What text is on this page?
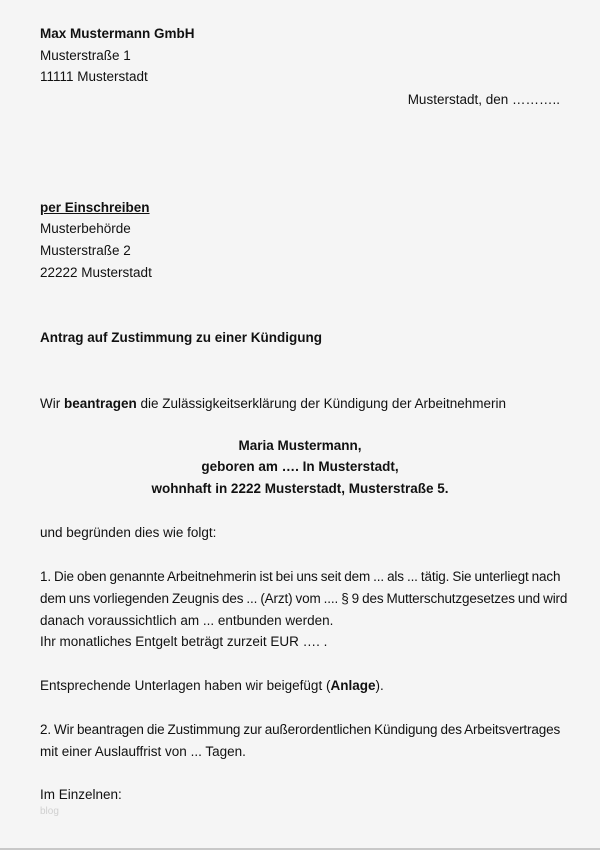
Max Mustermann GmbH
Musterstraße 1
11111 Musterstadt
Musterstadt, den ………..
per Einschreiben
Musterbehörde
Musterstraße 2
22222 Musterstadt
Antrag auf Zustimmung zu einer Kündigung
Wir beantragen die Zulässigkeitserklärung der Kündigung der Arbeitnehmerin
Maria Mustermann,
geboren am …. In Musterstadt,
wohnhaft in 2222 Musterstadt, Musterstraße 5.
und begründen dies wie folgt:
1. Die oben genannte Arbeitnehmerin ist bei uns seit dem ... als ... tätig. Sie unterliegt nach
dem uns vorliegenden Zeugnis des ... (Arzt) vom .... § 9 des Mutterschutzgesetzes und wird
danach voraussichtlich am ... entbunden werden.
Ihr monatliches Entgelt beträgt zurzeit EUR …. .
Entsprechende Unterlagen haben wir beigefügt (Anlage).
2. Wir beantragen die Zustimmung zur außerordentlichen Kündigung des Arbeitsvertrages
mit einer Auslauffrist von ... Tagen.
Im Einzelnen:
blog
